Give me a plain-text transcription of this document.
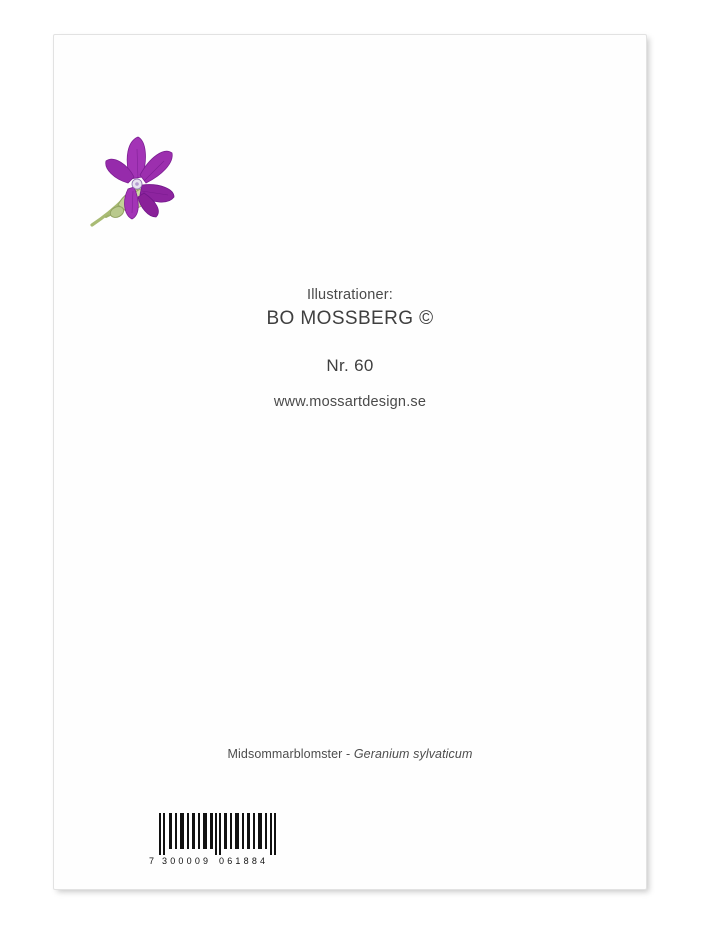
Illustrationer:
BO MOSSBERG ©
Nr. 60
www.mossartdesign.se
Midsommarblomster - Geranium sylvaticum
7 300009 061884
